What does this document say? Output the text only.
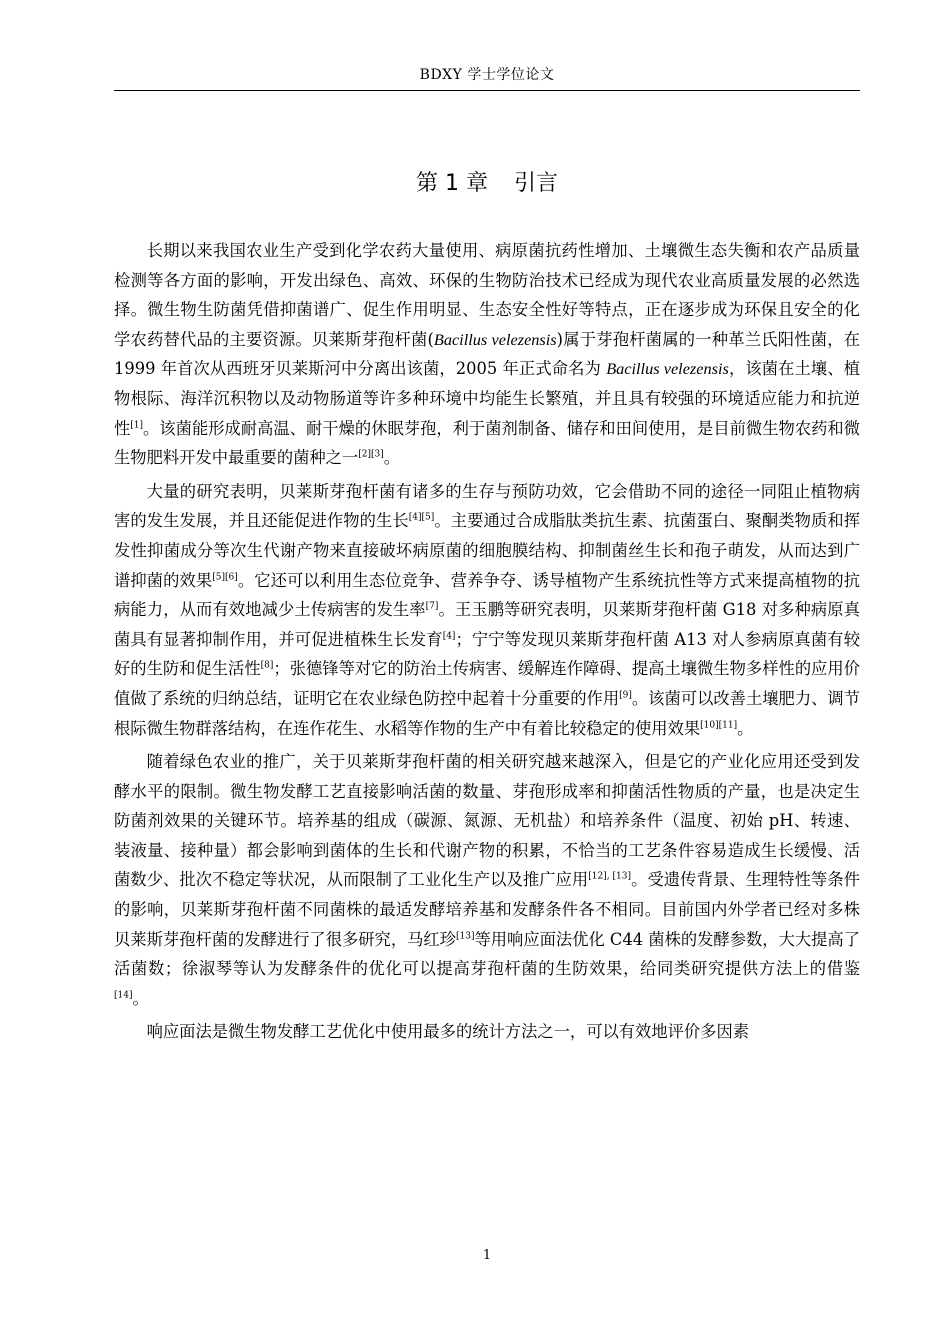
BDXY 学士学位论文
第 1 章 引言

长期以来我国农业生产受到化学农药大量使用、病原菌抗药性增加、土壤微生态失衡和农产品质量检测等各方面的影响，开发出绿色、高效、环保的生物防治技术已经成为现代农业高质量发展的必然选择。微生物生防菌凭借抑菌谱广、促生作用明显、生态安全性好等特点，正在逐步成为环保且安全的化学农药替代品的主要资源。贝莱斯芽孢杆菌(Bacillus velezensis)属于芽孢杆菌属的一种革兰氏阳性菌，在 1999 年首次从西班牙贝莱斯河中分离出该菌，2005 年正式命名为 Bacillus velezensis，该菌在土壤、植物根际、海洋沉积物以及动物肠道等许多种环境中均能生长繁殖，并且具有较强的环境适应能力和抗逆性[1]。该菌能形成耐高温、耐干燥的休眠芽孢，利于菌剂制备、储存和田间使用，是目前微生物农药和微生物肥料开发中最重要的菌种之一[2][3]。

大量的研究表明，贝莱斯芽孢杆菌有诸多的生存与预防功效，它会借助不同的途径一同阻止植物病害的发生发展，并且还能促进作物的生长[4][5]。主要通过合成脂肽类抗生素、抗菌蛋白、聚酮类物质和挥发性抑菌成分等次生代谢产物来直接破坏病原菌的细胞膜结构、抑制菌丝生长和孢子萌发，从而达到广谱抑菌的效果[5][6]。它还可以利用生态位竞争、营养争夺、诱导植物产生系统抗性等方式来提高植物的抗病能力，从而有效地减少土传病害的发生率[7]。王玉鹏等研究表明，贝莱斯芽孢杆菌 G18 对多种病原真菌具有显著抑制作用，并可促进植株生长发育[4]；宁宁等发现贝莱斯芽孢杆菌 A13 对人参病原真菌有较好的生防和促生活性[8]；张德锋等对它的防治土传病害、缓解连作障碍、提高土壤微生物多样性的应用价值做了系统的归纳总结，证明它在农业绿色防控中起着十分重要的作用[9]。该菌可以改善土壤肥力、调节根际微生物群落结构，在连作花生、水稻等作物的生产中有着比较稳定的使用效果[10][11]。

随着绿色农业的推广，关于贝莱斯芽孢杆菌的相关研究越来越深入，但是它的产业化应用还受到发酵水平的限制。微生物发酵工艺直接影响活菌的数量、芽孢形成率和抑菌活性物质的产量，也是决定生防菌剂效果的关键环节。培养基的组成（碳源、氮源、无机盐）和培养条件（温度、初始 pH、转速、装液量、接种量）都会影响到菌体的生长和代谢产物的积累，不恰当的工艺条件容易造成生长缓慢、活菌数少、批次不稳定等状况，从而限制了工业化生产以及推广应用[12], [13]。受遗传背景、生理特性等条件的影响，贝莱斯芽孢杆菌不同菌株的最适发酵培养基和发酵条件各不相同。目前国内外学者已经对多株贝莱斯芽孢杆菌的发酵进行了很多研究，马红珍[13]等用响应面法优化 C44 菌株的发酵参数，大大提高了活菌数；徐淑琴等认为发酵条件的优化可以提高芽孢杆菌的生防效果，给同类研究提供方法上的借鉴[14]。

响应面法是微生物发酵工艺优化中使用最多的统计方法之一，可以有效地评价多因素

1
